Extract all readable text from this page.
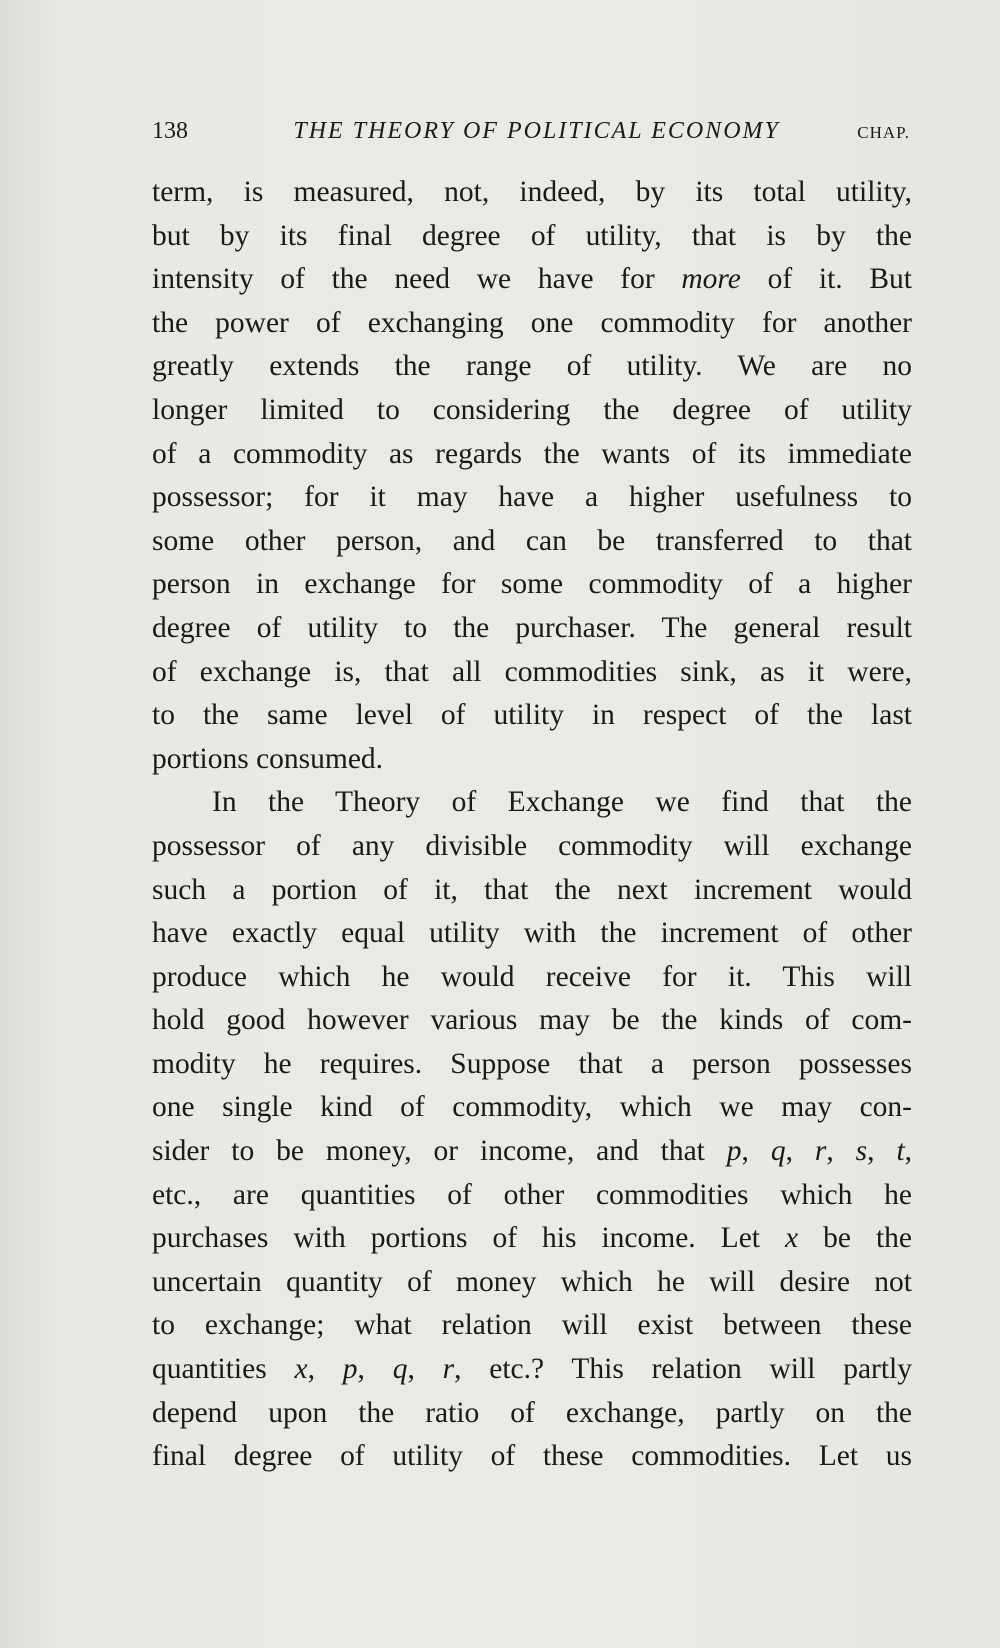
138	THE THEORY OF POLITICAL ECONOMY	CHAP.
term, is measured, not, indeed, by its total utility,
but by its final degree of utility, that is by the
intensity of the need we have for more of it. But
the power of exchanging one commodity for another
greatly extends the range of utility. We are no
longer limited to considering the degree of utility
of a commodity as regards the wants of its immediate
possessor; for it may have a higher usefulness to
some other person, and can be transferred to that
person in exchange for some commodity of a higher
degree of utility to the purchaser. The general result
of exchange is, that all commodities sink, as it were,
to the same level of utility in respect of the last
portions consumed.
In the Theory of Exchange we find that the
possessor of any divisible commodity will exchange
such a portion of it, that the next increment would
have exactly equal utility with the increment of other
produce which he would receive for it. This will
hold good however various may be the kinds of com-
modity he requires. Suppose that a person possesses
one single kind of commodity, which we may con-
sider to be money, or income, and that p, q, r, s, t,
etc., are quantities of other commodities which he
purchases with portions of his income. Let x be the
uncertain quantity of money which he will desire not
to exchange; what relation will exist between these
quantities x, p, q, r, etc.? This relation will partly
depend upon the ratio of exchange, partly on the
final degree of utility of these commodities. Let us
